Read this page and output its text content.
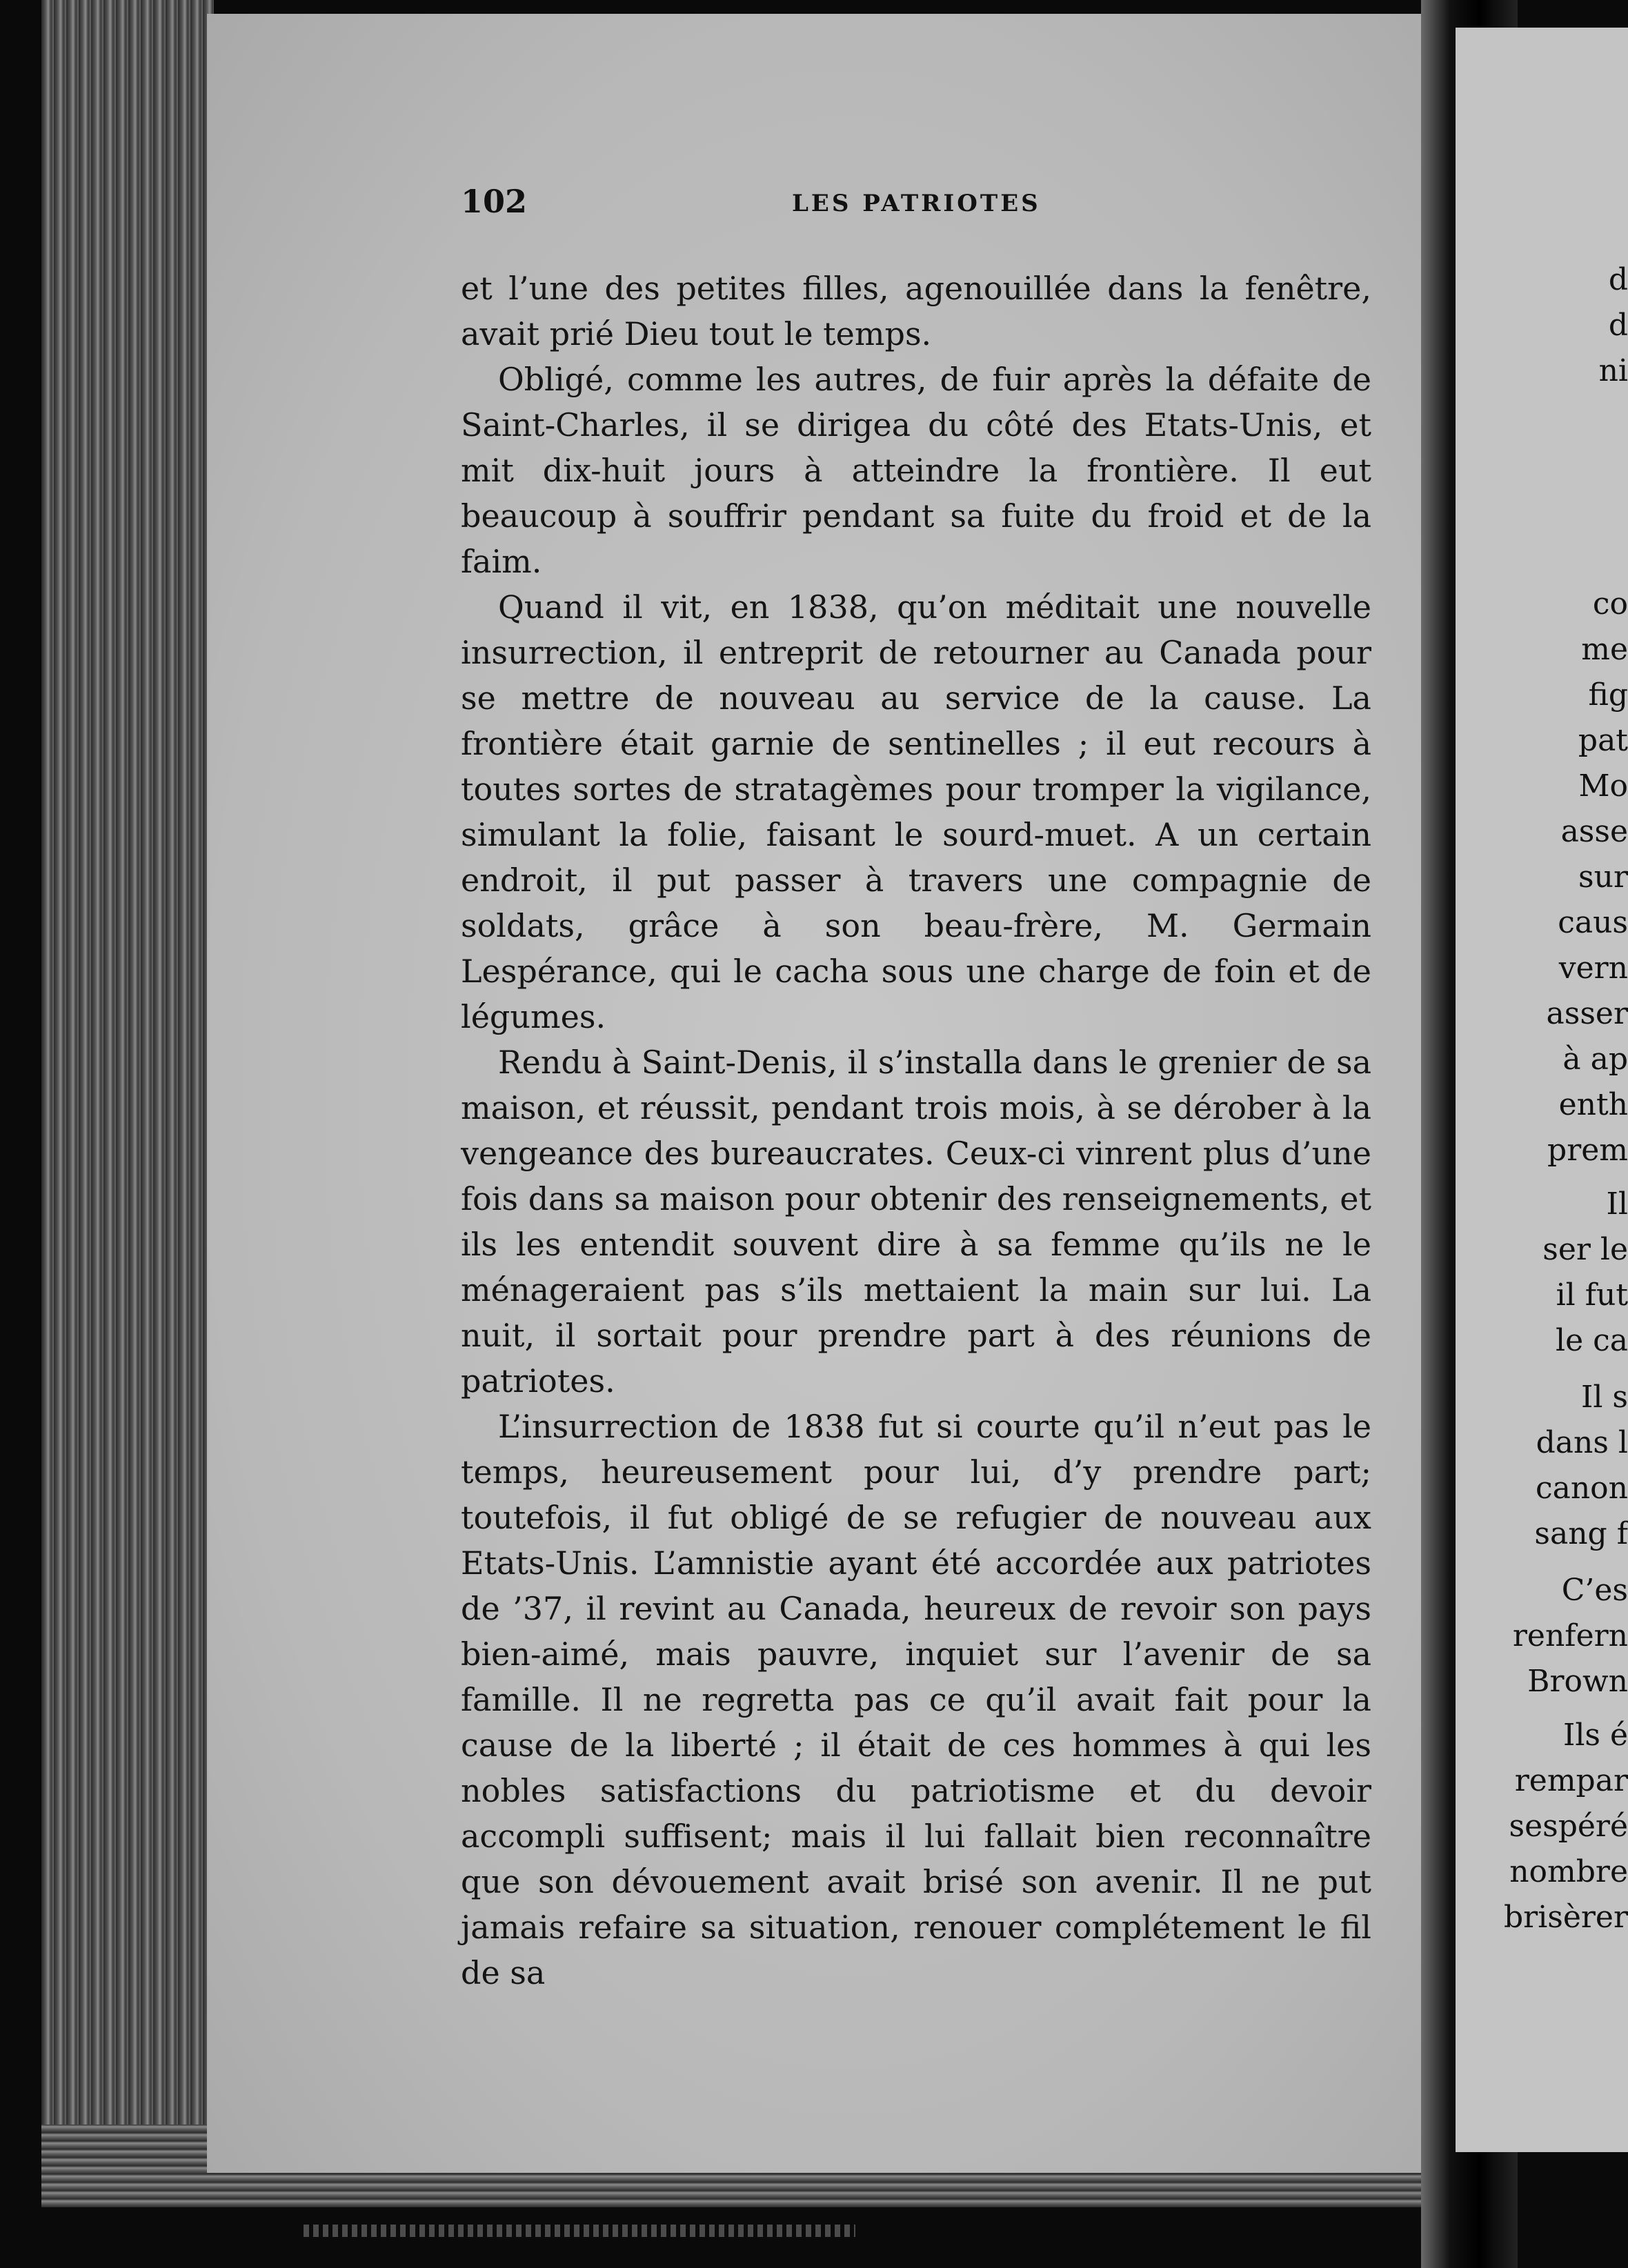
102	LES PATRIOTES

et l’une des petites filles, agenouillée dans la fenêtre, avait prié Dieu tout le temps.

Obligé, comme les autres, de fuir après la défaite de Saint-Charles, il se dirigea du côté des Etats-Unis, et mit dix-huit jours à atteindre la frontière. Il eut beaucoup à souffrir pendant sa fuite du froid et de la faim.

Quand il vit, en 1838, qu’on méditait une nouvelle insurrection, il entreprit de retourner au Canada pour se mettre de nouveau au service de la cause. La frontière était garnie de sentinelles ; il eut recours à toutes sortes de stratagèmes pour tromper la vigilance, simulant la folie, faisant le sourd-muet. A un certain endroit, il put passer à travers une compagnie de soldats, grâce à son beau-frère, M. Germain Lespérance, qui le cacha sous une charge de foin et de légumes.

Rendu à Saint-Denis, il s’installa dans le grenier de sa maison, et réussit, pendant trois mois, à se dérober à la vengeance des bureaucrates. Ceux-ci vinrent plus d’une fois dans sa maison pour obtenir des renseignements, et ils les entendit souvent dire à sa femme qu’ils ne le ménageraient pas s’ils mettaient la main sur lui. La nuit, il sortait pour prendre part à des réunions de patriotes.

L’insurrection de 1838 fut si courte qu’il n’eut pas le temps, heureusement pour lui, d’y prendre part; toutefois, il fut obligé de se refugier de nouveau aux Etats-Unis. L’amnistie ayant été accordée aux patriotes de ’37, il revint au Canada, heureux de revoir son pays bien-aimé, mais pauvre, inquiet sur l’avenir de sa famille. Il ne regretta pas ce qu’il avait fait pour la cause de la liberté ; il était de ces hommes à qui les nobles satisfactions du patriotisme et du devoir accompli suffisent; mais il lui fallait bien reconnaître que son dévouement avait brisé son avenir. Il ne put jamais refaire sa situation, renouer complétement le fil de sa

d
d
ni
co
me
fig
pat
Mo
asse
sur
caus
vern
asser
à ap
enth
prem
Il
ser le
il fut
le ca
Il s
dans l
canon
sang f
C’es
renfern
Brown
Ils é
rempar
sespéré
nombre
brisèrer
